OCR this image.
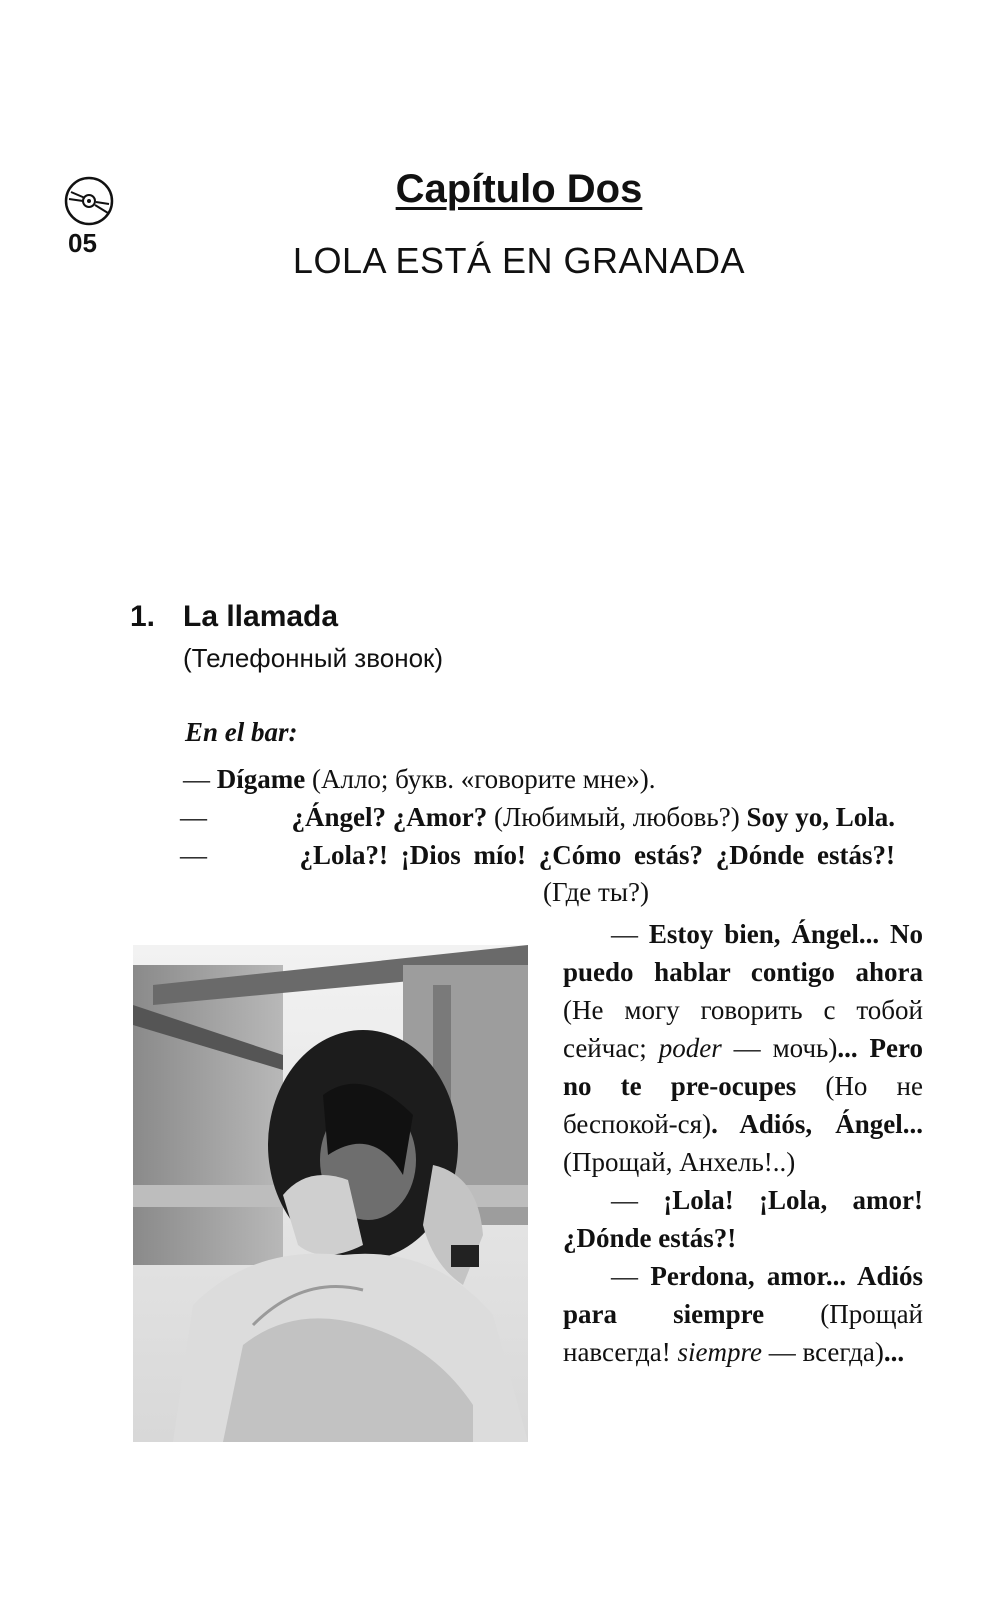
05
Capítulo Dos
LOLA ESTÁ EN GRANADA
1. La llamada
(Телефонный звонок)
En el bar:
— Dígame (Алло; букв. «говорите мне»).
—	¿Ángel? ¿Amor? (Любимый, любовь?) Soy yo, Lola.
—	¿Lola?! ¡Dios mío! ¿Cómo estás? ¿Dónde estás?!
(Где ты?)

— Estoy bien, Ángel... No puedo hablar contigo ahora (Не могу говорить с тобой сейчас; poder — мочь)... Pero no te pre-ocupes (Но не беспокой-ся). Adiós, Ángel... (Прощай, Анхель!..)

— ¡Lola! ¡Lola, amor! ¿Dónde estás?!

— Perdona, amor... Adiós para siempre (Прощай навсегда! siempre — всегда)...
